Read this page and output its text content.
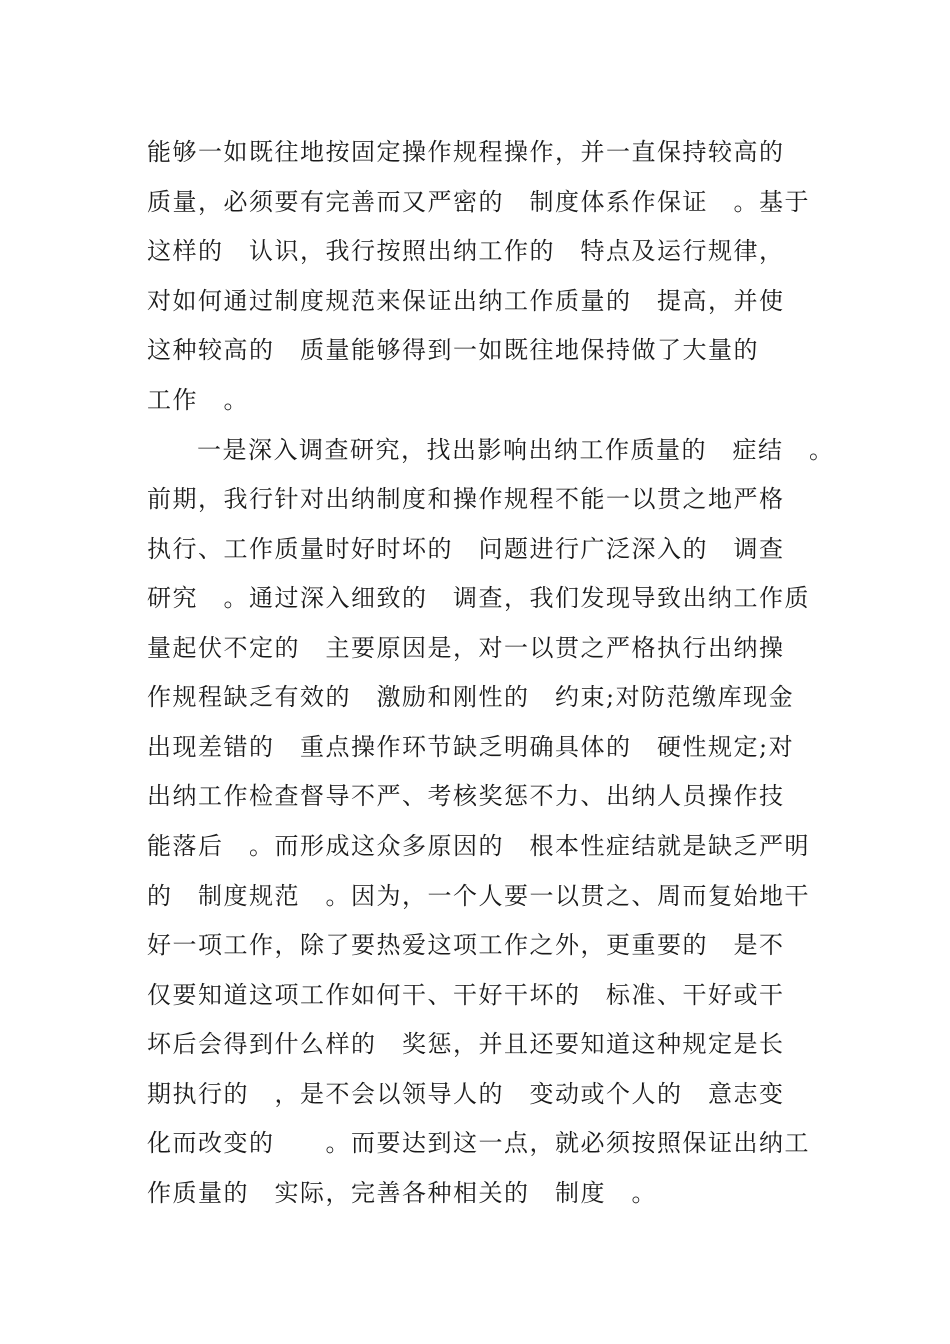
能够一如既往地按固定操作规程操作，并一直保持较高的

质量，必须要有完善而又严密的　制度体系作保证　。基于

这样的　认识，我行按照出纳工作的　特点及运行规律，

对如何通过制度规范来保证出纳工作质量的　提高，并使

这种较高的　质量能够得到一如既往地保持做了大量的

工作　。

一是深入调查研究，找出影响出纳工作质量的　症结　。

前期，我行针对出纳制度和操作规程不能一以贯之地严格

执行、工作质量时好时坏的　问题进行广泛深入的　调查

研究　。通过深入细致的　调查，我们发现导致出纳工作质

量起伏不定的　主要原因是，对一以贯之严格执行出纳操

作规程缺乏有效的　激励和刚性的　约束;对防范缴库现金

出现差错的　重点操作环节缺乏明确具体的　硬性规定;对

出纳工作检查督导不严、考核奖惩不力、出纳人员操作技

能落后　。而形成这众多原因的　根本性症结就是缺乏严明

的　制度规范　。因为，一个人要一以贯之、周而复始地干

好一项工作，除了要热爱这项工作之外，更重要的　是不

仅要知道这项工作如何干、干好干坏的　标准、干好或干

坏后会得到什么样的　奖惩，并且还要知道这种规定是长

期执行的　，是不会以领导人的　变动或个人的　意志变

化而改变的　　。而要达到这一点，就必须按照保证出纳工

作质量的　实际，完善各种相关的　制度　。
